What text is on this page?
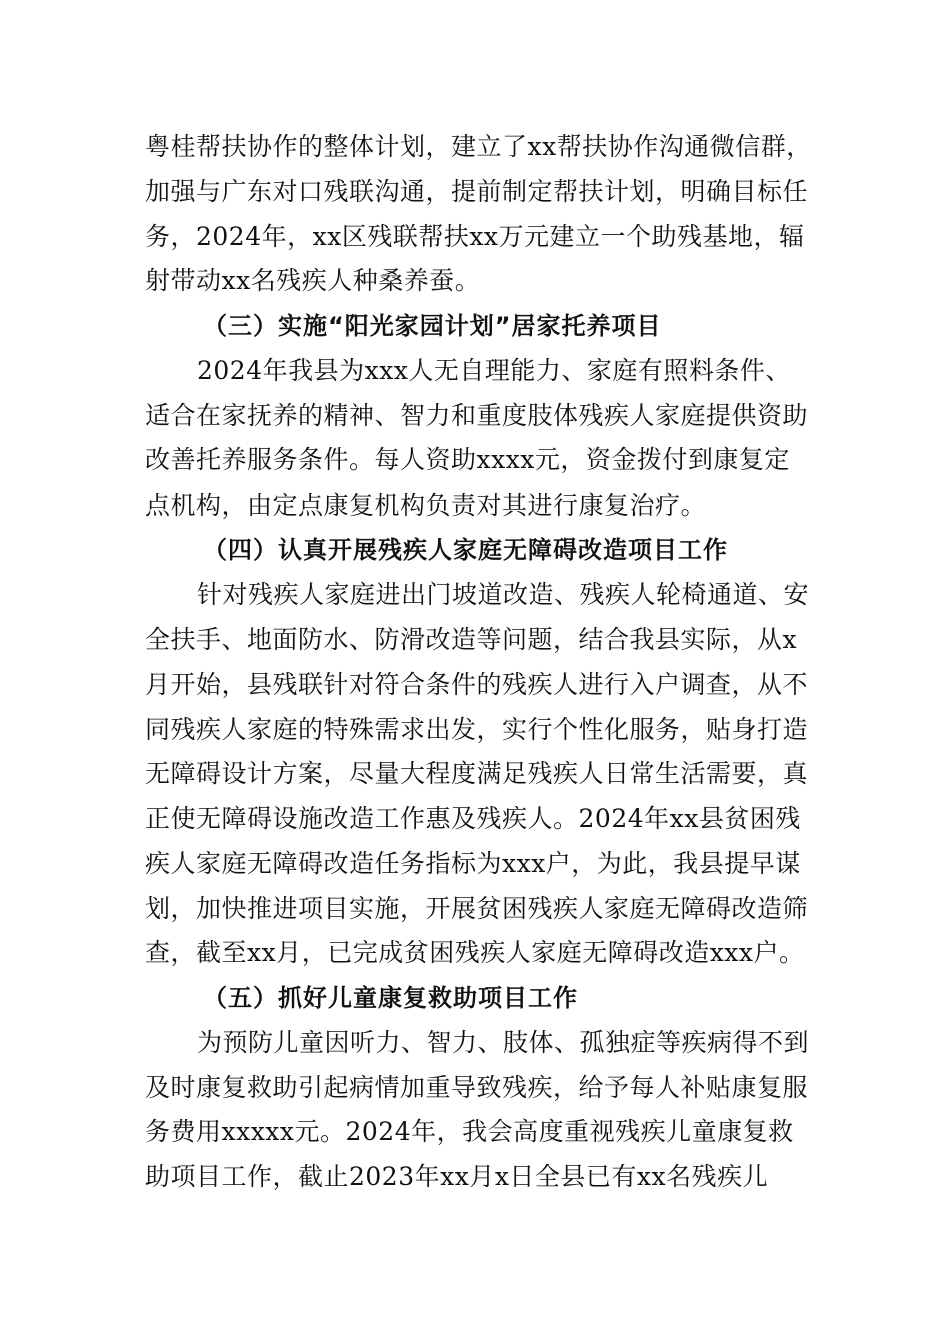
粤桂帮扶协作的整体计划，建立了xx帮扶协作沟通微信群，
加强与广东对口残联沟通，提前制定帮扶计划，明确目标任
务，2024年，xx区残联帮扶xx万元建立一个助残基地，辐
射带动xx名残疾人种桑养蚕。
（三）实施“阳光家园计划”居家托养项目
2024年我县为xxx人无自理能力、家庭有照料条件、
适合在家抚养的精神、智力和重度肢体残疾人家庭提供资助
改善托养服务条件。每人资助xxxx元，资金拨付到康复定
点机构，由定点康复机构负责对其进行康复治疗。
（四）认真开展残疾人家庭无障碍改造项目工作
针对残疾人家庭进出门坡道改造、残疾人轮椅通道、安
全扶手、地面防水、防滑改造等问题，结合我县实际，从x
月开始，县残联针对符合条件的残疾人进行入户调查，从不
同残疾人家庭的特殊需求出发，实行个性化服务，贴身打造
无障碍设计方案，尽量大程度满足残疾人日常生活需要，真
正使无障碍设施改造工作惠及残疾人。2024年xx县贫困残
疾人家庭无障碍改造任务指标为xxx户，为此，我县提早谋
划，加快推进项目实施，开展贫困残疾人家庭无障碍改造筛
查，截至xx月，已完成贫困残疾人家庭无障碍改造xxx户。
（五）抓好儿童康复救助项目工作
为预防儿童因听力、智力、肢体、孤独症等疾病得不到
及时康复救助引起病情加重导致残疾，给予每人补贴康复服
务费用xxxxx元。2024年，我会高度重视残疾儿童康复救
助项目工作，截止2023年xx月x日全县已有xx名残疾儿
